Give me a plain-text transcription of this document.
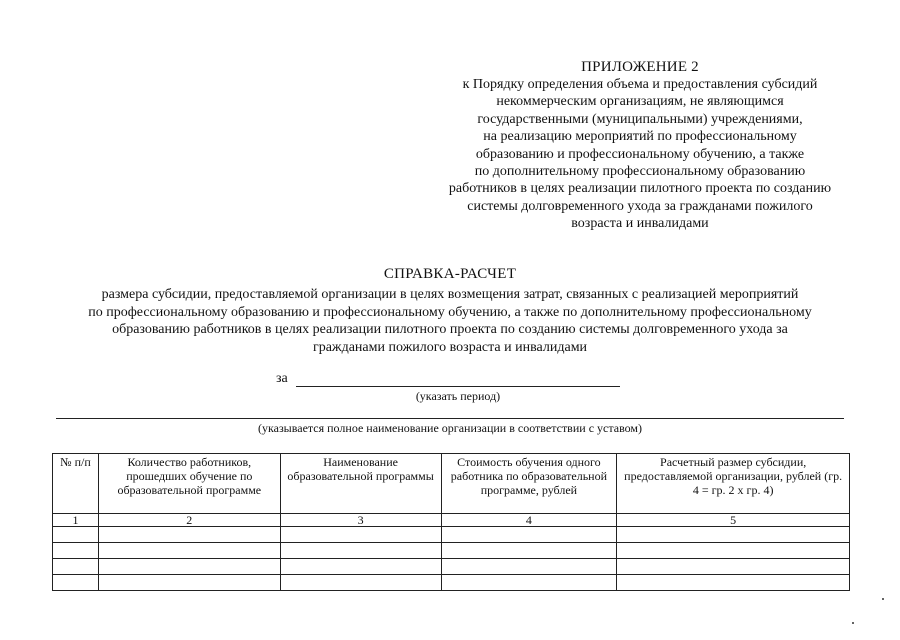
ПРИЛОЖЕНИЕ 2
к Порядку определения объема и предоставления субсидий
некоммерческим организациям, не являющимся
государственными (муниципальными) учреждениями,
на реализацию мероприятий по профессиональному
образованию и профессиональному обучению, а также
по дополнительному профессиональному образованию
работников в целях реализации пилотного проекта по созданию
системы долговременного ухода за гражданами пожилого
возраста и инвалидами
СПРАВКА-РАСЧЕТ
размера субсидии, предоставляемой организации в целях возмещения затрат, связанных с реализацией мероприятий
по профессиональному образованию и профессиональному обучению, а также по дополнительному профессиональному
образованию работников в целях реализации пилотного проекта по созданию системы долговременного ухода за
гражданами пожилого возраста и инвалидами
за
(указать период)
(указывается полное наименование организации в соответствии с уставом)
№ п/п	Количество работников, прошедших обучение по образовательной программе	Наименование образовательной программы	Стоимость обучения одного работника по образовательной программе, рублей	Расчетный размер субсидии, предоставляемой организации, рублей (гр. 4 = гр. 2 х гр. 4)
1	2	3	4	5
